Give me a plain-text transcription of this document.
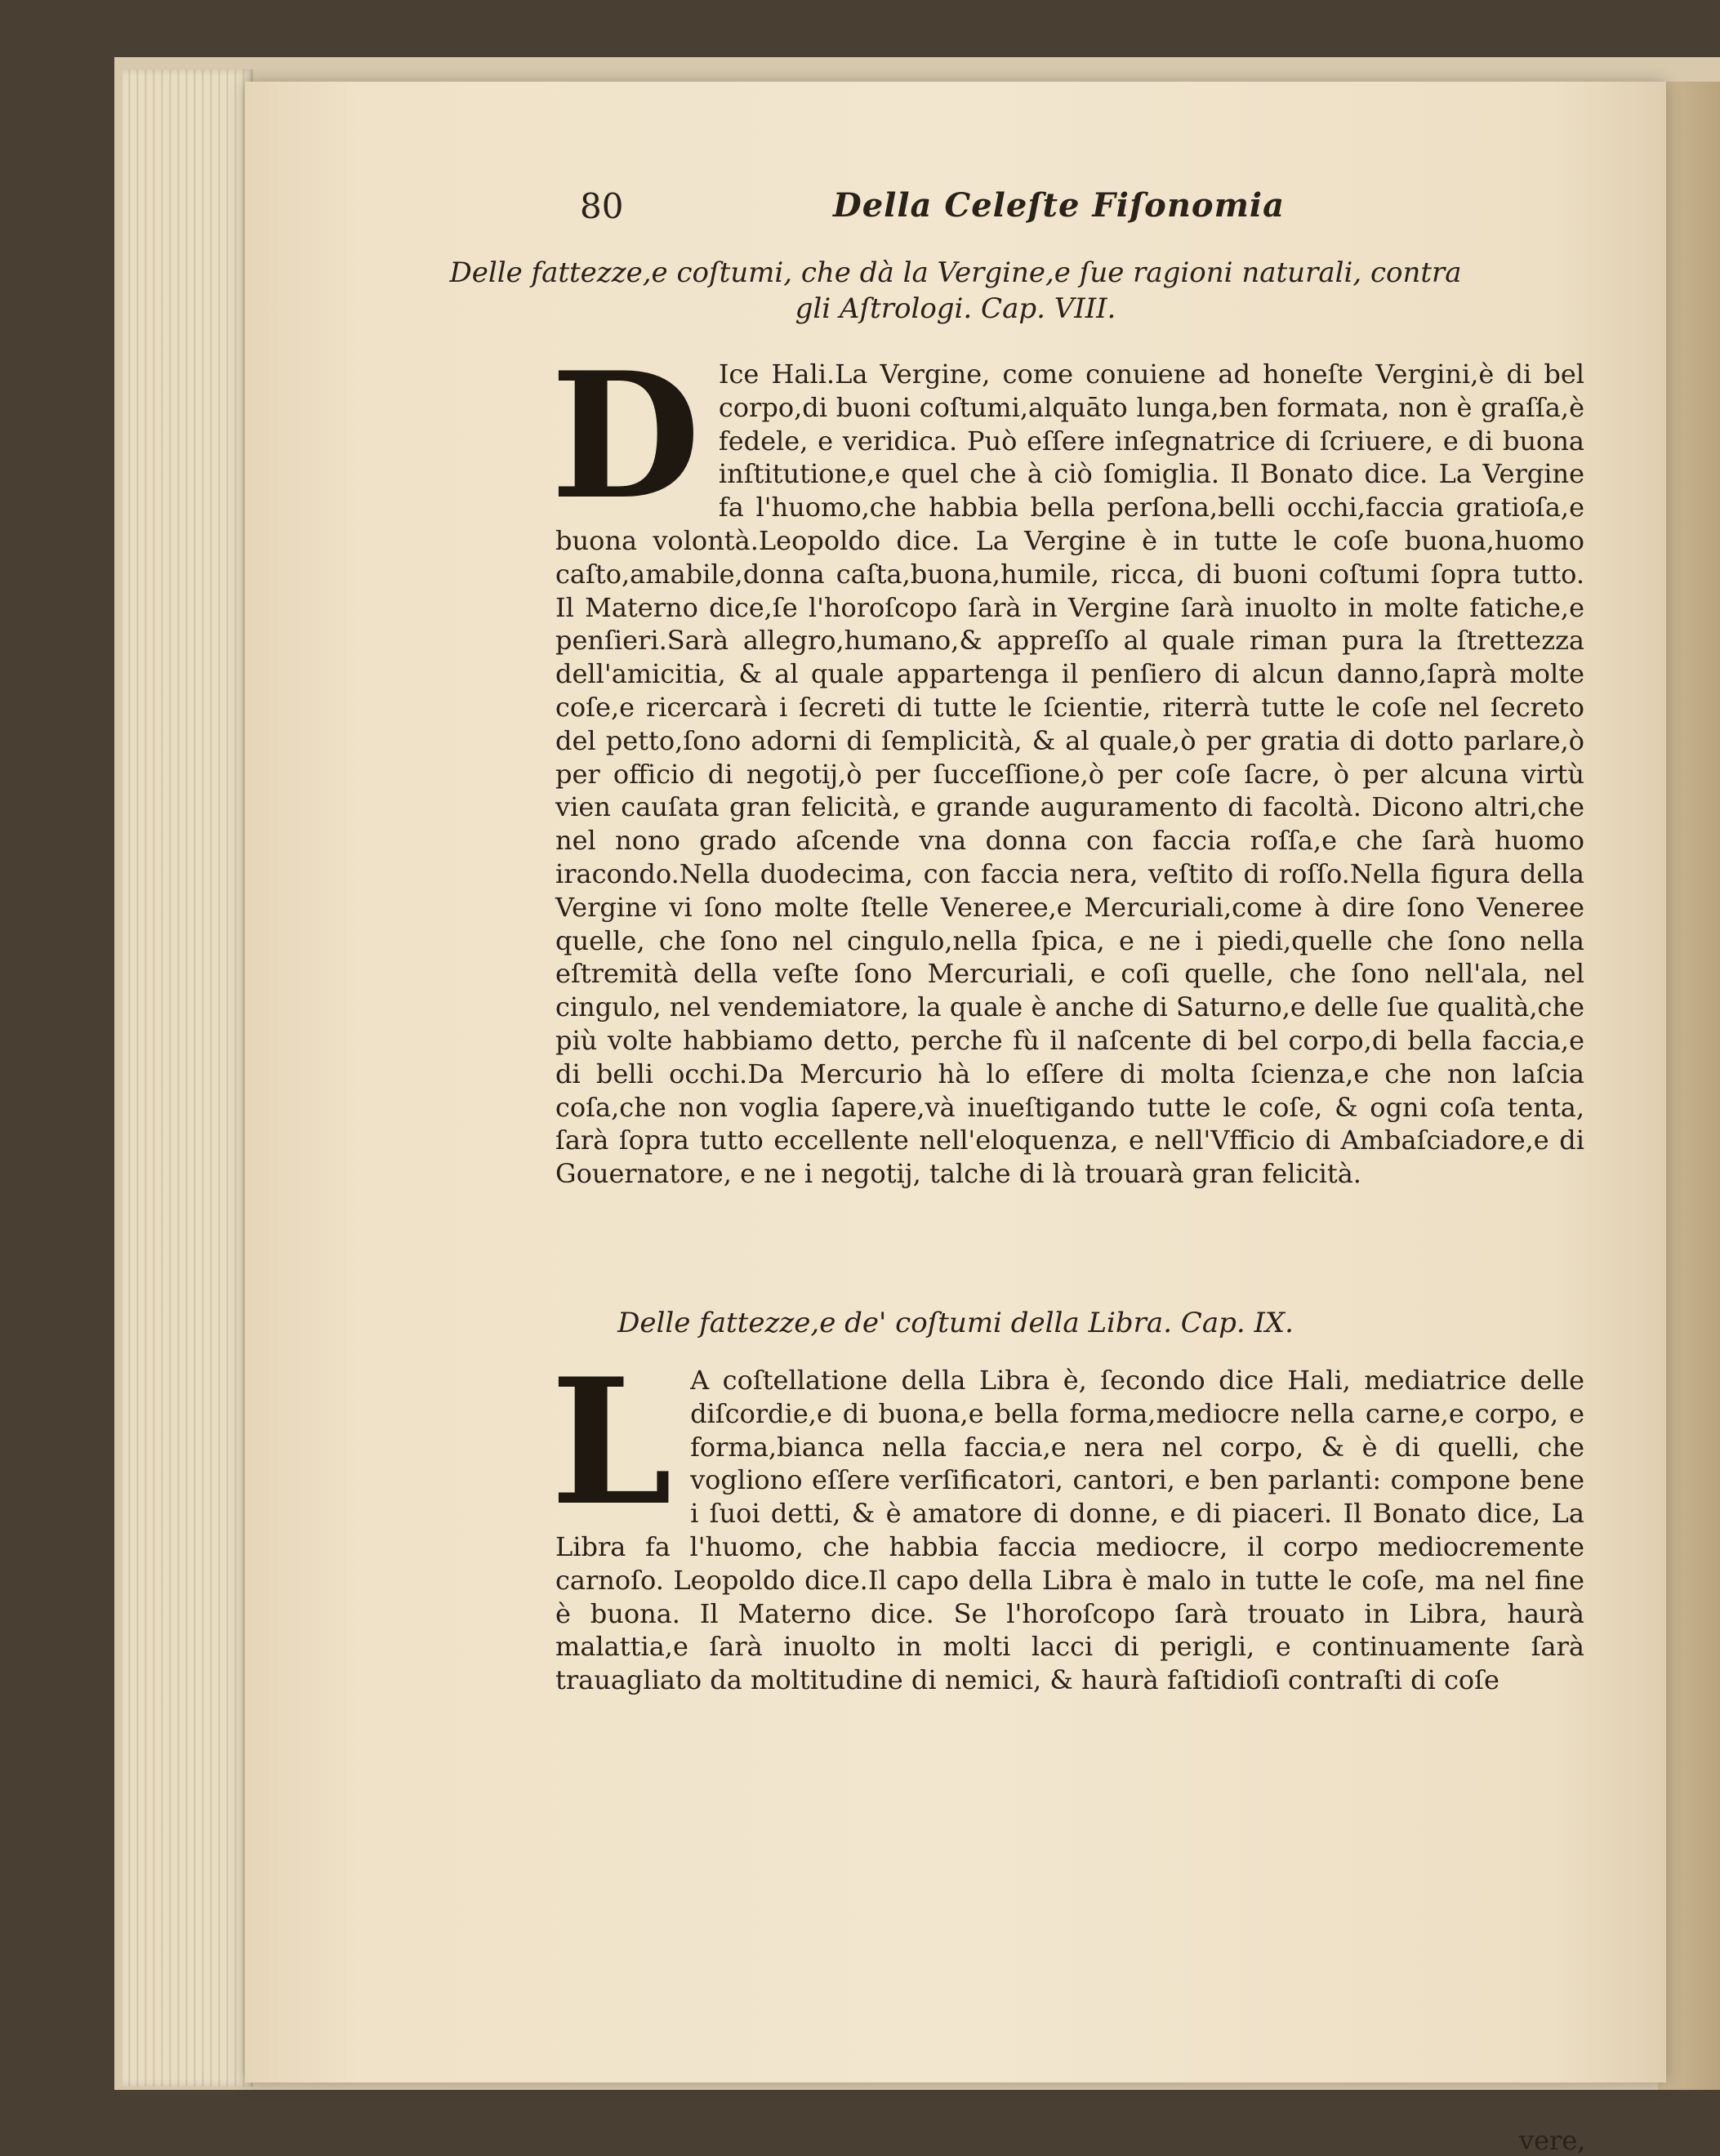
80	Della Celeſte Fiſonomia
Delle fattezze,e coſtumi, che dà la Vergine,e ſue ragioni naturali, contra
gli Aſtrologi. Cap. VIII.
D Ice Hali.La Vergine, come conuiene ad honeſte Vergini,è di bel corpo,di buoni coſtumi,alquāto lunga,ben formata, non è graſſa,è fedele, e veridica. Può eſſere inſegnatrice di ſcriuere, e di buona inſtitutione,e quel che à ciò ſomiglia. Il Bonato dice. La Vergine fa l'huomo,che habbia bella perſona,belli occhi,faccia gratioſa,e buona volontà.Leopoldo dice. La Vergine è in tutte le coſe buona,huomo caſto,amabile,donna caſta,buona,humile, ricca, di buoni coſtumi ſopra tutto. Il Materno dice,ſe l'horoſcopo ſarà in Vergine ſarà inuolto in molte fatiche,e penſieri.Sarà allegro,humano,& appreſſo al quale riman pura la ſtrettezza dell'amicitia, & al quale appartenga il penſiero di alcun danno,ſaprà molte coſe,e ricercarà i ſecreti di tutte le ſcientie, riterrà tutte le coſe nel ſecreto del petto,ſono adorni di ſemplicità, & al quale,ò per gratia di dotto parlare,ò per officio di negotij,ò per ſucceſſione,ò per coſe ſacre, ò per alcuna virtù vien cauſata gran felicità, e grande auguramento di facoltà. Dicono altri,che nel nono grado aſcende vna donna con faccia roſſa,e che ſarà huomo iracondo.Nella duodecima, con faccia nera, veſtito di roſſo.Nella figura della Vergine vi ſono molte ſtelle Veneree,e Mercuriali,come à dire ſono Veneree quelle, che ſono nel cingulo,nella ſpica, e ne i piedi,quelle che ſono nella eſtremità della veſte ſono Mercuriali, e coſi quelle, che ſono nell'ala, nel cingulo, nel vendemiatore, la quale è anche di Saturno,e delle ſue qualità,che più volte habbiamo detto, perche fù il naſcente di bel corpo,di bella faccia,e di belli occhi.Da Mercurio hà lo eſſere di molta ſcienza,e che non laſcia coſa,che non voglia ſapere,và inueſtigando tutte le coſe, & ogni coſa tenta, ſarà ſopra tutto eccellente nell'eloquenza, e nell'Vfficio di Ambaſciadore,e di Gouernatore, e ne i negotij, talche di là trouarà gran felicità.
Delle fattezze,e de' coſtumi della Libra. Cap. IX.
L A coſtellatione della Libra è, ſecondo dice Hali, mediatrice delle diſcordie,e di buona,e bella forma,mediocre nella carne,e corpo, e forma,bianca nella faccia,e nera nel corpo, & è di quelli, che vogliono eſſere verſificatori, cantori, e ben parlanti: compone bene i ſuoi detti, & è amatore di donne, e di piaceri. Il Bonato dice, La Libra fa l'huomo, che habbia faccia mediocre, il corpo mediocremente carnoſo. Leopoldo dice.Il capo della Libra è malo in tutte le coſe, ma nel fine è buona. Il Materno dice. Se l'horoſcopo ſarà trouato in Libra, haurà malattia,e ſarà inuolto in molti lacci di perigli, e continuamente ſarà trauagliato da moltitudine di nemici, & haurà faſtidioſi contraſti di coſe
vere,
